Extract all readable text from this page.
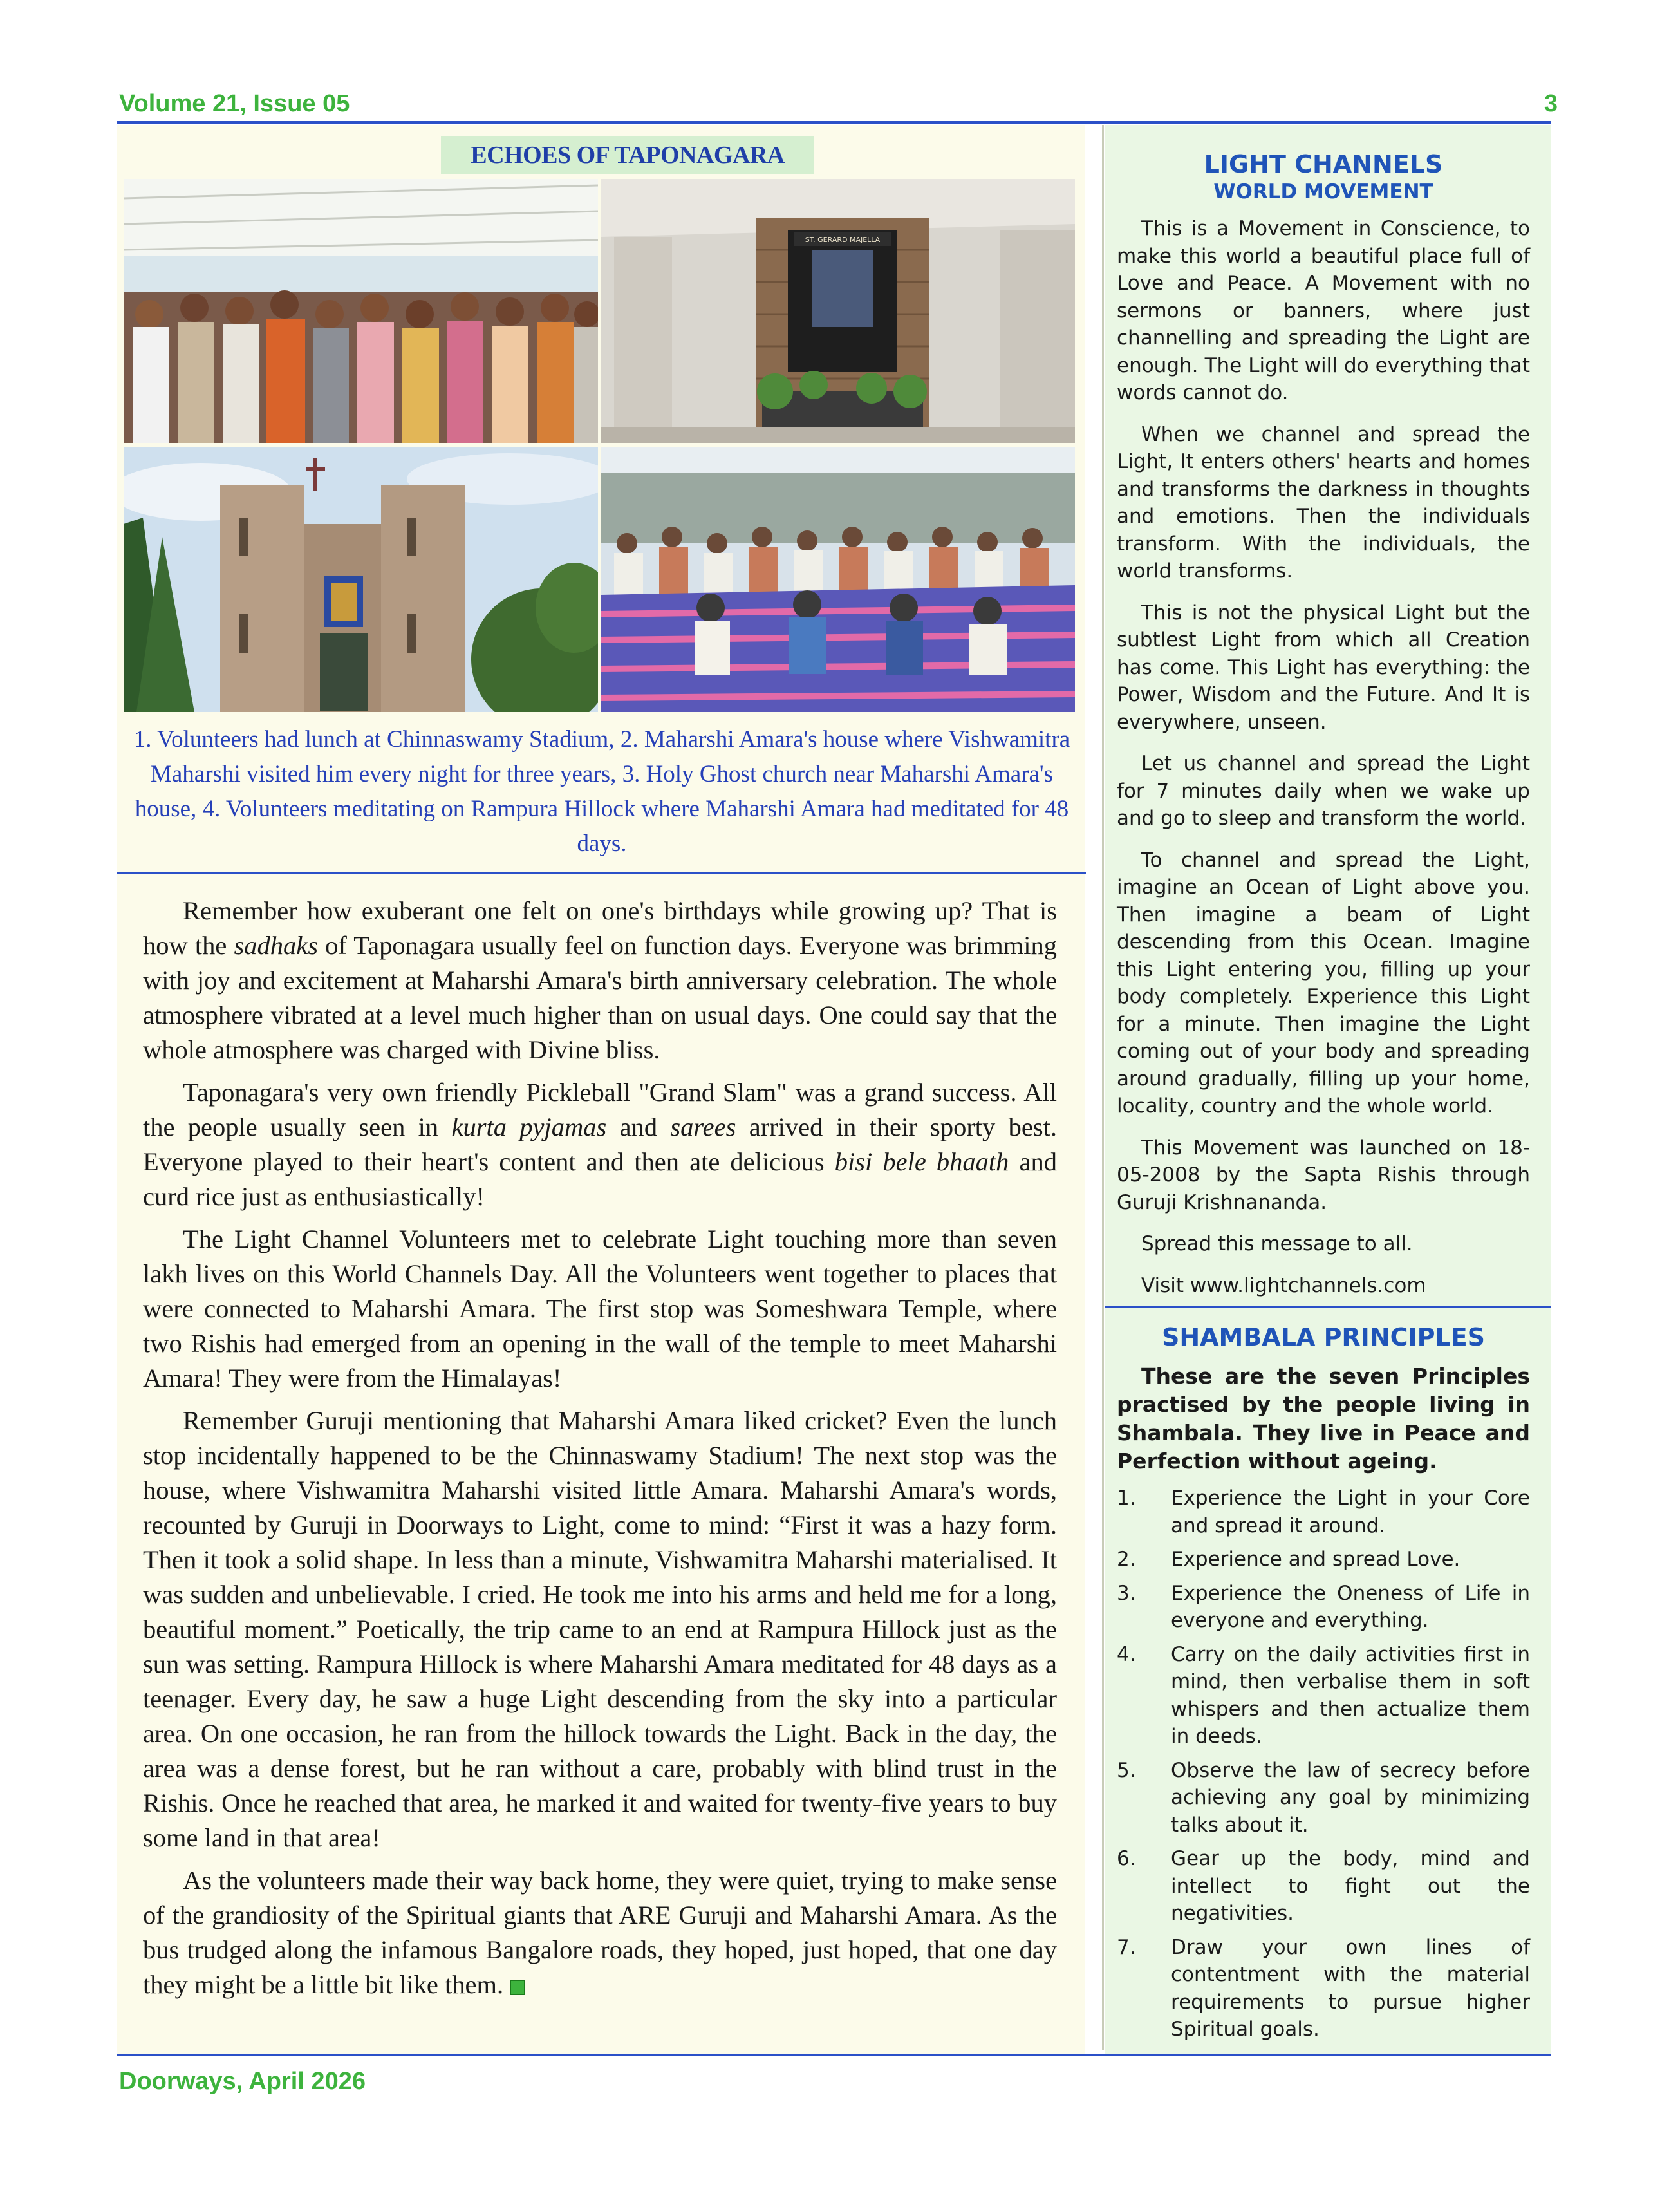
Volume 21, Issue 05	3
ECHOES OF TAPONAGARA
ST. GERARD MAJELLA
1. Volunteers had lunch at Chinnaswamy Stadium, 2. Maharshi Amara's house where Vishwamitra Maharshi visited him every night for three years, 3. Holy Ghost church near Maharshi Amara's house, 4. Volunteers meditating on Rampura Hillock where Maharshi Amara had meditated for 48 days.

Remember how exuberant one felt on one's birthdays while growing up? That is how the sadhaks of Taponagara usually feel on function days. Everyone was brimming with joy and excitement at Maharshi Amara's birth anniversary celebration. The whole atmosphere vibrated at a level much higher than on usual days. One could say that the whole atmosphere was charged with Divine bliss.

Taponagara's very own friendly Pickleball "Grand Slam" was a grand success. All the people usually seen in kurta pyjamas and sarees arrived in their sporty best. Everyone played to their heart's content and then ate delicious bisi bele bhaath and curd rice just as enthusiastically!

The Light Channel Volunteers met to celebrate Light touching more than seven lakh lives on this World Channels Day. All the Volunteers went together to places that were connected to Maharshi Amara. The first stop was Someshwara Temple, where two Rishis had emerged from an opening in the wall of the temple to meet Maharshi Amara! They were from the Himalayas!

Remember Guruji mentioning that Maharshi Amara liked cricket? Even the lunch stop incidentally happened to be the Chinnaswamy Stadium! The next stop was the house, where Vishwamitra Maharshi visited little Amara. Maharshi Amara's words, recounted by Guruji in Doorways to Light, come to mind: “First it was a hazy form. Then it took a solid shape. In less than a minute, Vishwamitra Maharshi materialised. It was sudden and unbelievable. I cried. He took me into his arms and held me for a long, beautiful moment.” Poetically, the trip came to an end at Rampura Hillock just as the sun was setting. Rampura Hillock is where Maharshi Amara meditated for 48 days as a teenager. Every day, he saw a huge Light descending from the sky into a particular area. On one occasion, he ran from the hillock towards the Light. Back in the day, the area was a dense forest, but he ran without a care, probably with blind trust in the Rishis. Once he reached that area, he marked it and waited for twenty-five years to buy some land in that area!

As the volunteers made their way back home, they were quiet, trying to make sense of the grandiosity of the Spiritual giants that ARE Guruji and Maharshi Amara. As the bus trudged along the infamous Bangalore roads, they hoped, just hoped, that one day they might be a little bit like them.

LIGHT CHANNELS
WORLD MOVEMENT

This is a Movement in Conscience, to make this world a beautiful place full of Love and Peace. A Movement with no sermons or banners, where just channelling and spreading the Light are enough. The Light will do everything that words cannot do.

When we channel and spread the Light, It enters others' hearts and homes and transforms the darkness in thoughts and emotions. Then the individuals transform. With the individuals, the world transforms.

This is not the physical Light but the subtlest Light from which all Creation has come. This Light has everything: the Power, Wisdom and the Future. And It is everywhere, unseen.

Let us channel and spread the Light for 7 minutes daily when we wake up and go to sleep and transform the world.

To channel and spread the Light, imagine an Ocean of Light above you. Then imagine a beam of Light descending from this Ocean. Imagine this Light entering you, filling up your body completely. Experience this Light for a minute. Then imagine the Light coming out of your body and spreading around gradually, filling up your home, locality, country and the whole world.

This Movement was launched on 18-05-2008 by the Sapta Rishis through Guruji Krishnananda.

Spread this message to all.

Visit www.lightchannels.com

SHAMBALA PRINCIPLES

These are the seven Principles practised by the people living in Shambala. They live in Peace and Perfection without ageing.

1.	Experience the Light in your Core and spread it around.
2.	Experience and spread Love.
3.	Experience the Oneness of Life in everyone and everything.
4.	Carry on the daily activities first in mind, then verbalise them in soft whispers and then actualize them in deeds.
5.	Observe the law of secrecy before achieving any goal by minimizing talks about it.
6.	Gear up the body, mind and intellect to fight out the negativities.
7.	Draw your own lines of contentment with the material requirements to pursue higher Spiritual goals.
Doorways, April 2026
